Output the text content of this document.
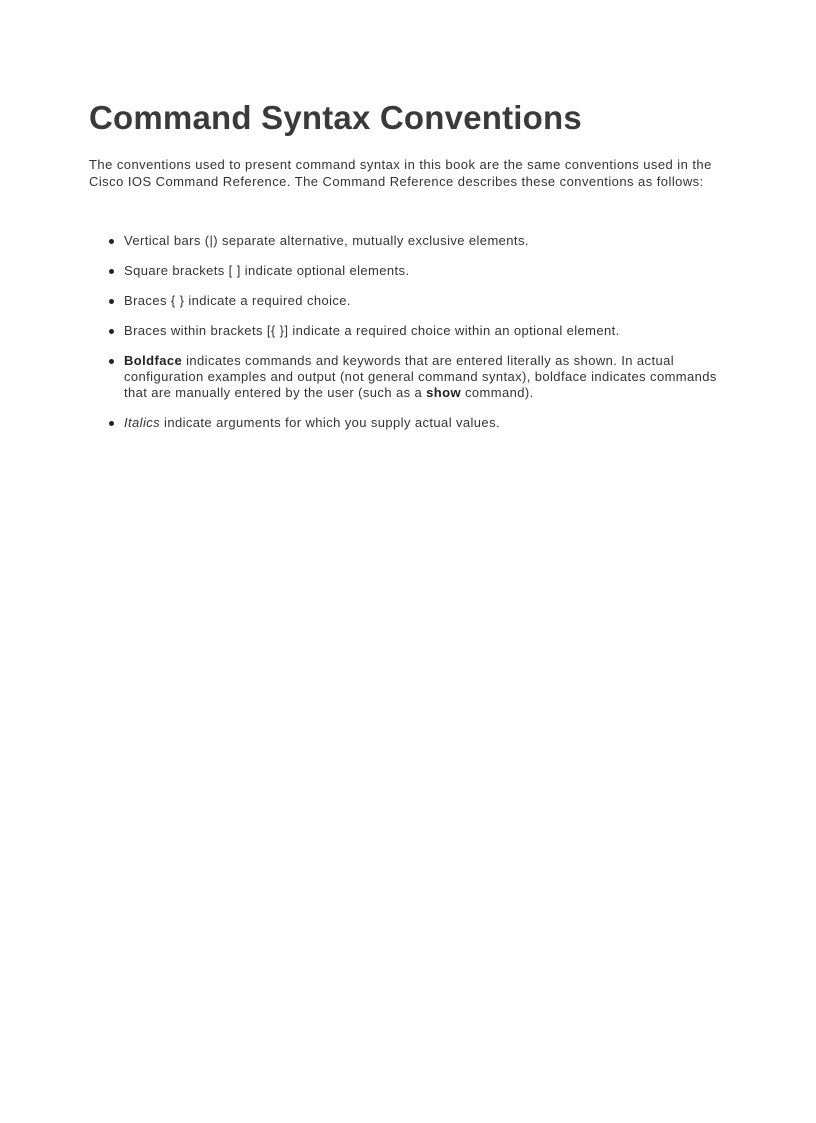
Command Syntax Conventions

The conventions used to present command syntax in this book are the same conventions used in the Cisco IOS Command Reference. The Command Reference describes these conventions as follows:

Vertical bars (|) separate alternative, mutually exclusive elements.
Square brackets [ ] indicate optional elements.
Braces { } indicate a required choice.
Braces within brackets [{ }] indicate a required choice within an optional element.
Boldface indicates commands and keywords that are entered literally as shown. In actual configuration examples and output (not general command syntax), boldface indicates commands that are manually entered by the user (such as a show command).
Italics indicate arguments for which you supply actual values.
